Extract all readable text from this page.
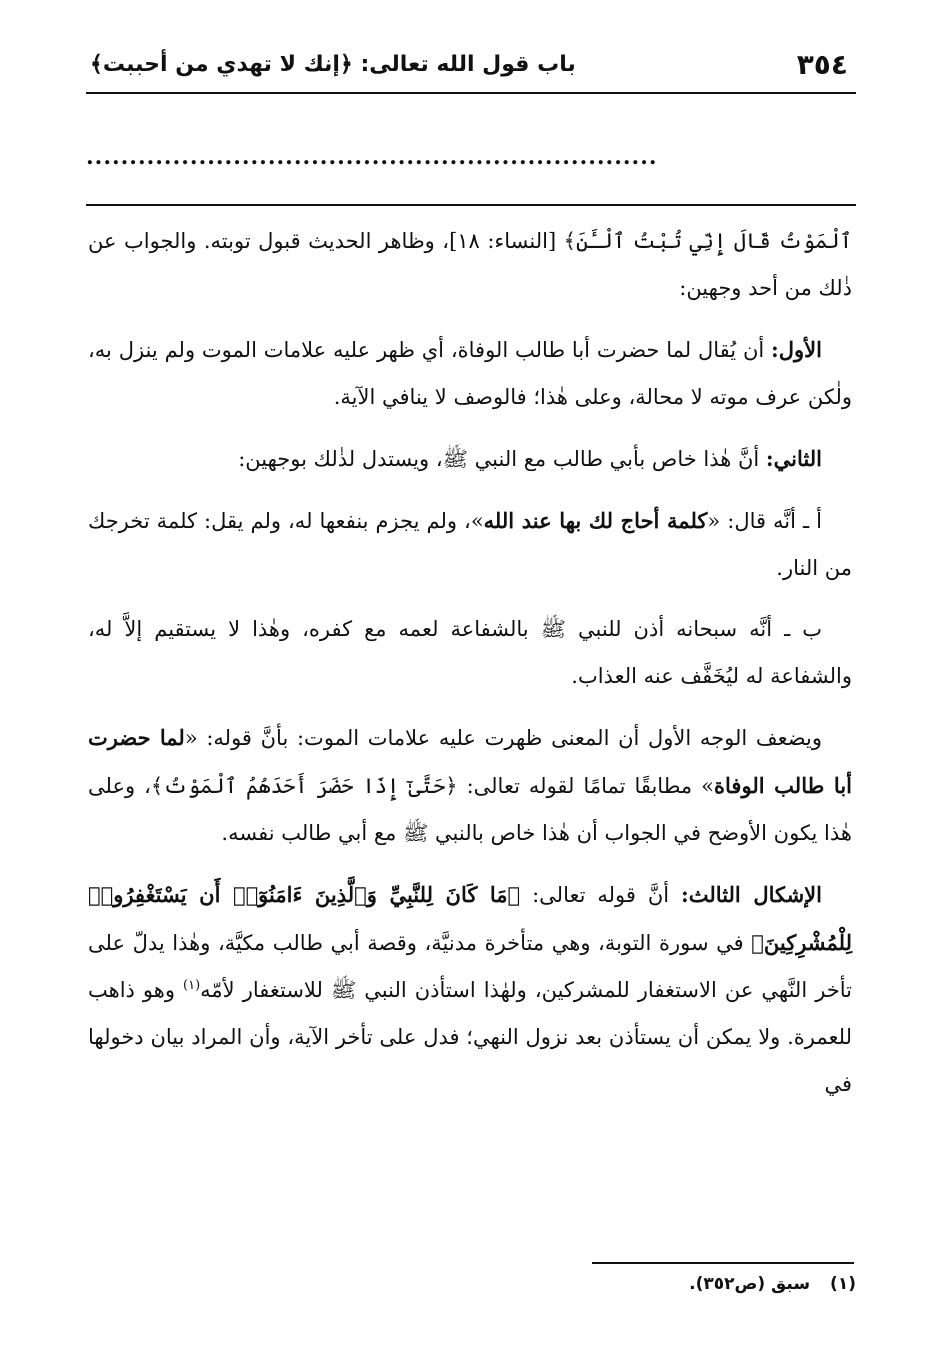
٣٥٤
باب قول الله تعالى: ﴿إنك لا تهدي من أحببت﴾
..................................................................

ٱلْمَوْتُ قَالَ إِنِّي تُبْتُ ٱلْـَٔنَ﴾ [النساء: ١٨]، وظاهر الحديث قبول توبته. والجواب عن ذٰلك من أحد وجهين:

الأول: أن يُقال لما حضرت أبا طالب الوفاة، أي ظهر عليه علامات الموت ولم ينزل به، ولٰكن عرف موته لا محالة، وعلى هٰذا؛ فالوصف لا ينافي الآية.

الثاني: أنَّ هٰذا خاص بأبي طالب مع النبي ﷺ، ويستدل لذٰلك بوجهين:

أ ـ أنَّه قال: «كلمة أحاج لك بها عند الله»، ولم يجزم بنفعها له، ولم يقل: كلمة تخرجك من النار.

ب ـ أنَّه سبحانه أذن للنبي ﷺ بالشفاعة لعمه مع كفره، وهٰذا لا يستقيم إلاَّ له، والشفاعة له ليُخَفَّف عنه العذاب.

ويضعف الوجه الأول أن المعنى ظهرت عليه علامات الموت: بأنَّ قوله: «لما حضرت أبا طالب الوفاة» مطابقًا تمامًا لقوله تعالى: ﴿حَتَّىٰٓ إِذَا حَضَرَ أَحَدَهُمُ ٱلْمَوْتُ﴾، وعلى هٰذا يكون الأوضح في الجواب أن هٰذا خاص بالنبي ﷺ مع أبي طالب نفسه.

الإشكال الثالث: أنَّ قوله تعالى: ﴿مَا كَانَ لِلنَّبِيِّ وَٱلَّذِينَ ءَامَنُوٓا۟ أَن يَسْتَغْفِرُوا۟ لِلْمُشْرِكِينَ﴾ في سورة التوبة، وهي متأخرة مدنيَّة، وقصة أبي طالب مكيَّة، وهٰذا يدلّ على تأخر النَّهي عن الاستغفار للمشركين، ولهٰذا استأذن النبي ﷺ للاستغفار لأمّه$^{(١)}$ وهو ذاهب للعمرة. ولا يمكن أن يستأذن بعد نزول النهي؛ فدل على تأخر الآية، وأن المراد بيان دخولها في

(١)سبق (ص٣٥٢).
